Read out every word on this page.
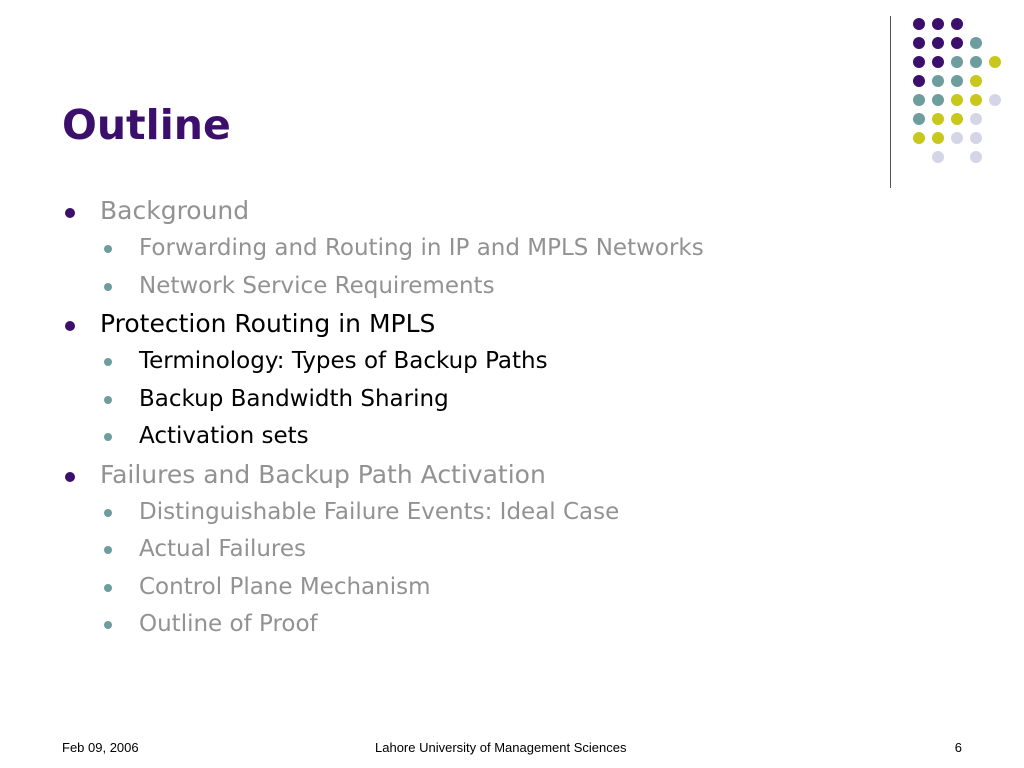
Outline
Background
Forwarding and Routing in IP and MPLS Networks
Network Service Requirements
Protection Routing in MPLS
Terminology: Types of Backup Paths
Backup Bandwidth Sharing
Activation sets
Failures and Backup Path Activation
Distinguishable Failure Events: Ideal Case
Actual Failures
Control Plane Mechanism
Outline of Proof
Feb 09, 2006	Lahore University of Management Sciences	6
